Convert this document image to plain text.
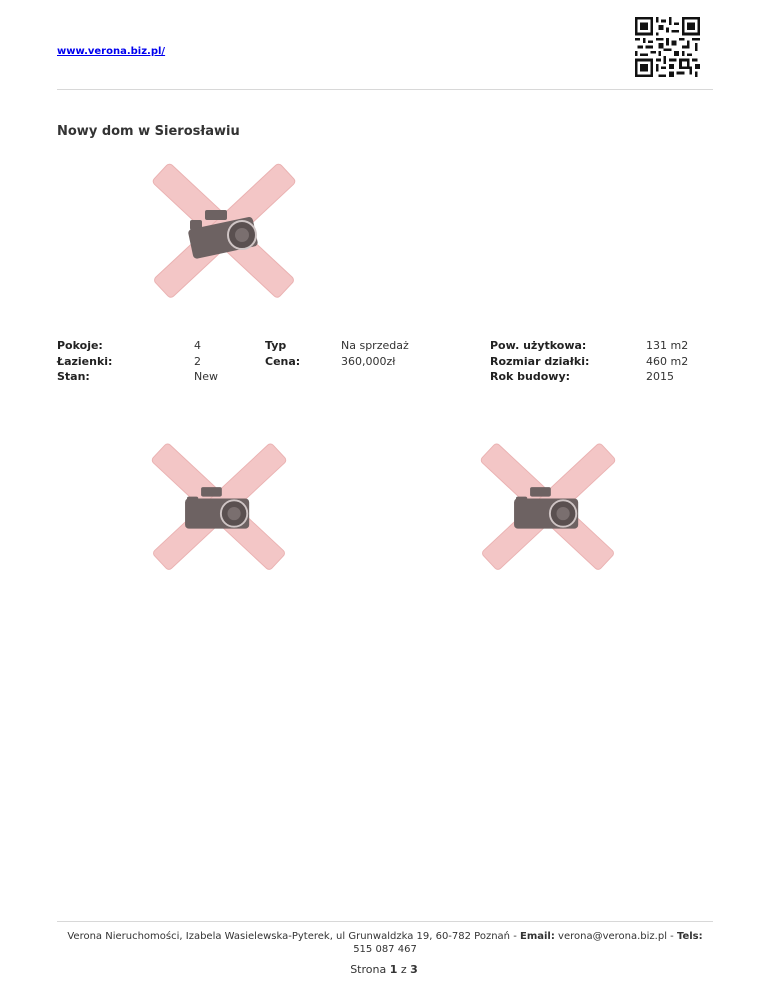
www.verona.biz.pl/
Nowy dom w Sierosławiu
Pokoje:
Łazienki:
Stan:
4
2
New
Typ
Cena:
Na sprzedaż
360,000zł
Pow. użytkowa:
Rozmiar działki:
Rok budowy:
131 m2
460 m2
2015
Verona Nieruchomości, Izabela Wasielewska-Pyterek, ul Grunwaldzka 19, 60-782 Poznań - Email: verona@verona.biz.pl - Tels: 515 087 467
Strona 1 z 3
